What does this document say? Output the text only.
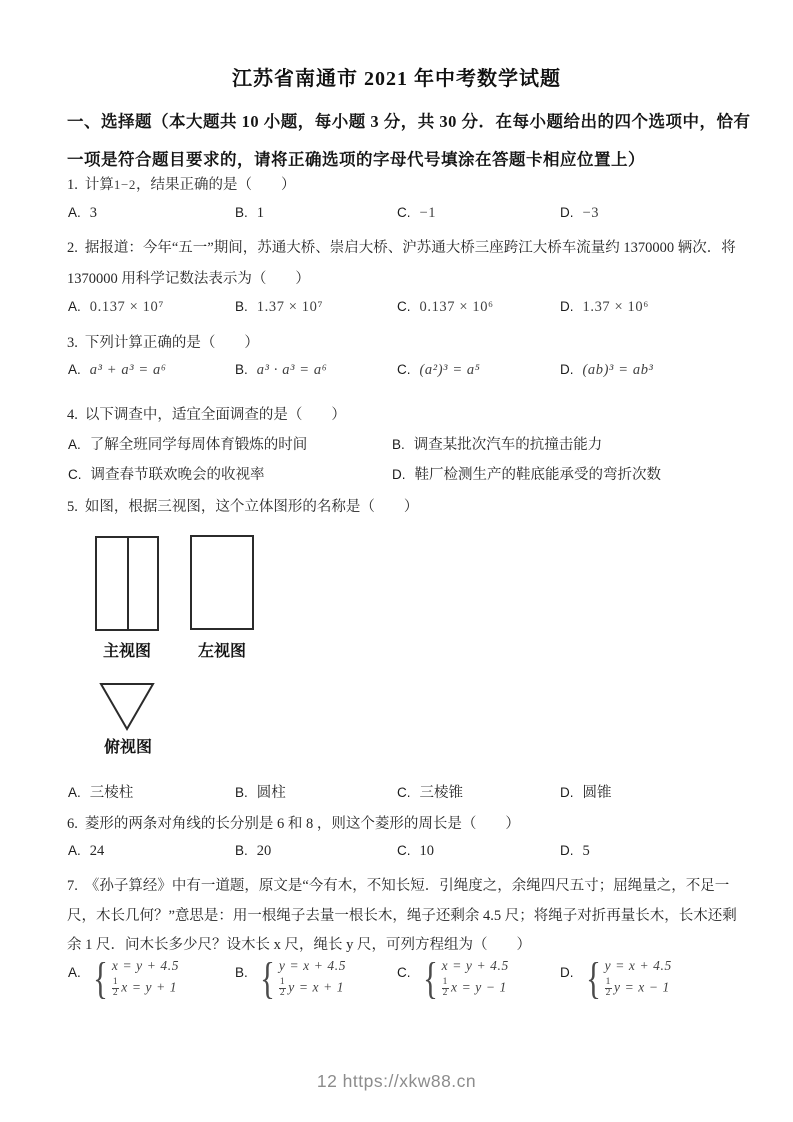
江苏省南通市 2021 年中考数学试题
一、选择题（本大题共 10 小题，每小题 3 分，共 30 分．在每小题给出的四个选项中，恰有
一项是符合题目要求的，请将正确选项的字母代号填涂在答题卡相应位置上）
1. 计算1−2，结果正确的是（　　）
A. 3	B. 1	C. −1	D. −3
2. 据报道：今年“五一”期间，苏通大桥、崇启大桥、沪苏通大桥三座跨江大桥车流量约 1370000 辆次．将
1370000 用科学记数法表示为（　　）
A. 0.137 × 10⁷	B. 1.37 × 10⁷	C. 0.137 × 10⁶	D. 1.37 × 10⁶
3. 下列计算正确的是（　　）
A. a³ + a³ = a⁶	B. a³ · a³ = a⁶	C. (a²)³ = a⁵	D. (ab)³ = ab³
4. 以下调查中，适宜全面调查的是（　　）
A. 了解全班同学每周体育锻炼的时间	B. 调查某批次汽车的抗撞击能力
C. 调查春节联欢晚会的收视率	D. 鞋厂检测生产的鞋底能承受的弯折次数
5. 如图，根据三视图，这个立体图形的名称是（　　）
主视图	左视图
俯视图
A. 三棱柱	B. 圆柱	C. 三棱锥	D. 圆锥
6. 菱形的两条对角线的长分别是 6 和 8 ，则这个菱形的周长是（　　）
A. 24	B. 20	C. 10	D. 5
7. 《孙子算经》中有一道题，原文是“今有木，不知长短．引绳度之，余绳四尺五寸；屈绳量之，不足一
尺，木长几何？”意思是：用一根绳子去量一根长木，绳子还剩余 4.5 尺；将绳子对折再量长木，长木还剩
余 1 尺．问木长多少尺？设木长 x 尺，绳长 y 尺，可列方程组为（　　）
A. { x = y + 4.5
$\frac{1}{2}$ x = y + 1
B. { y = x + 4.5
$\frac{1}{2}$ y = x + 1
C. { x = y + 4.5
$\frac{1}{2}$ x = y − 1
D. { y = x + 4.5
$\frac{1}{2}$ y = x − 1
12 https://xkw88.cn
